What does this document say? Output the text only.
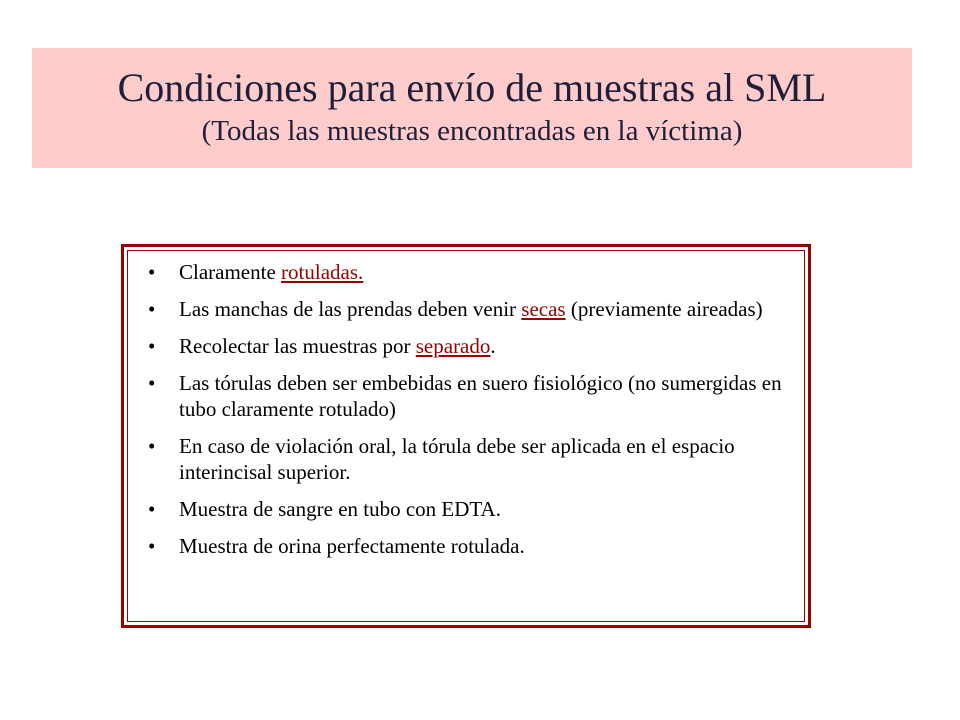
Condiciones para envío de muestras al SML
(Todas las muestras encontradas en la víctima)
• Claramente rotuladas.
• Las manchas de las prendas deben venir secas (previamente aireadas)
• Recolectar las muestras por separado.
• Las tórulas deben ser embebidas en suero fisiológico (no sumergidas en tubo claramente rotulado)
• En caso de violación oral, la tórula debe ser aplicada en el espacio interincisal superior.
• Muestra de sangre en tubo con EDTA.
• Muestra de orina perfectamente rotulada.
